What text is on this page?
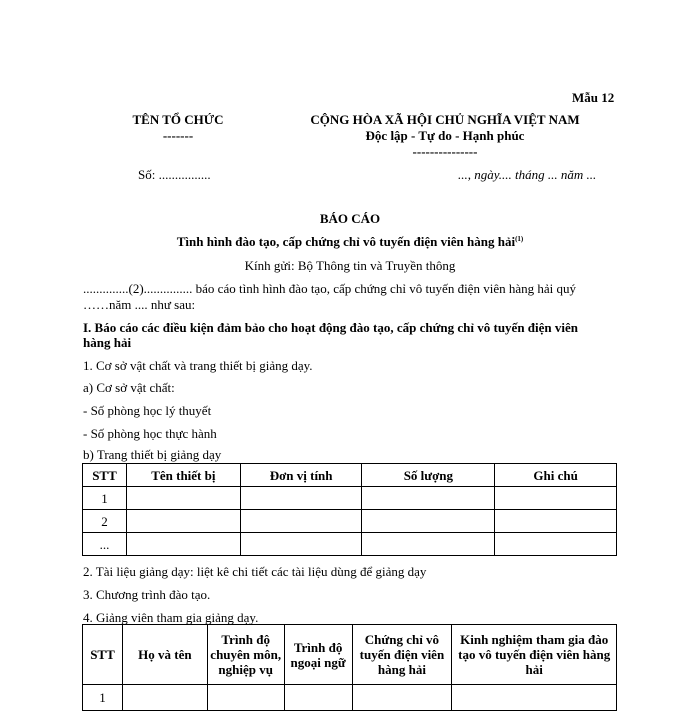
Mẫu 12
TÊN TỔ CHỨC
-------
CỘNG HÒA XÃ HỘI CHỦ NGHĨA VIỆT NAM
Độc lập - Tự do - Hạnh phúc
---------------
Số: ................	..., ngày.... tháng ... năm ...
BÁO CÁO
Tình hình đào tạo, cấp chứng chỉ vô tuyến điện viên hàng hải$^{(1)}$
Kính gửi: Bộ Thông tin và Truyền thông
..............(2)............... báo cáo tình hình đào tạo, cấp chứng chỉ vô tuyến điện viên hàng hải quý
……năm .... như sau:
I. Báo cáo các điều kiện đảm bảo cho hoạt động đào tạo, cấp chứng chỉ vô tuyến điện viên
hàng hải
1. Cơ sở vật chất và trang thiết bị giảng dạy.
a) Cơ sở vật chất:
- Số phòng học lý thuyết
- Số phòng học thực hành
b) Trang thiết bị giảng dạy
STT	Tên thiết bị	Đơn vị tính	Số lượng	Ghi chú
1				
2				
...				
2. Tài liệu giảng dạy: liệt kê chi tiết các tài liệu dùng để giảng dạy
3. Chương trình đào tạo.
4. Giảng viên tham gia giảng dạy.
STT	Họ và tên	Trình độ chuyên môn, nghiệp vụ	Trình độ ngoại ngữ	Chứng chỉ vô tuyến điện viên hàng hải	Kinh nghiệm tham gia đào tạo vô tuyến điện viên hàng hải
1					
